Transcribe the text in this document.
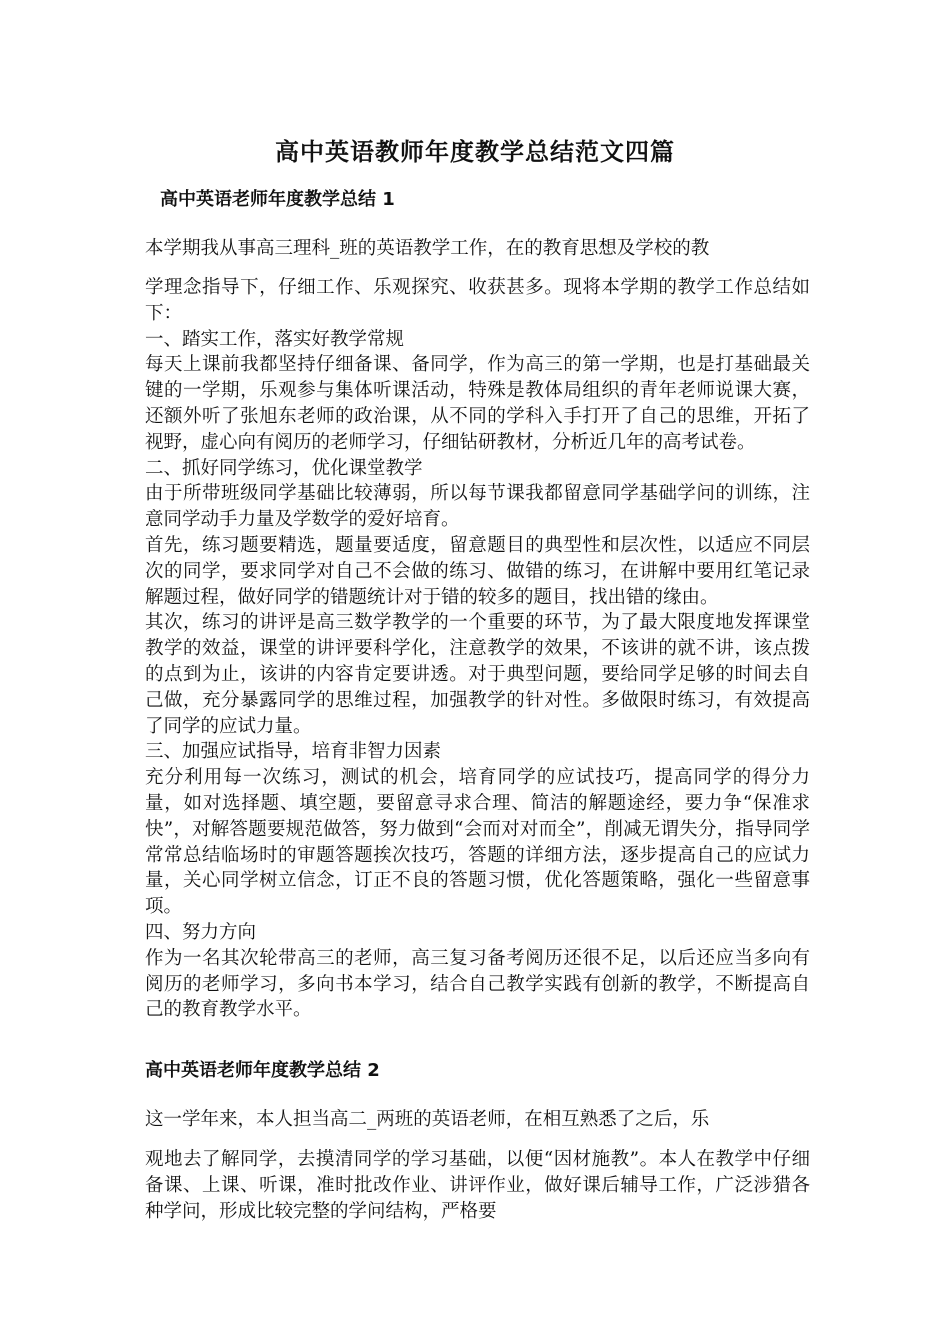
高中英语教师年度教学总结范文四篇
高中英语老师年度教学总结 1
本学期我从事高三理科_班的英语教学工作，在的教育思想及学校的教

学理念指导下，仔细工作、乐观探究、收获甚多。现将本学期的教学工作总结如下：

一、踏实工作，落实好教学常规

每天上课前我都坚持仔细备课、备同学，作为高三的第一学期，也是打基础最关键的一学期，乐观参与集体听课活动，特殊是教体局组织的青年老师说课大赛，还额外听了张旭东老师的政治课，从不同的学科入手打开了自己的思维，开拓了视野，虚心向有阅历的老师学习，仔细钻研教材，分析近几年的高考试卷。

二、抓好同学练习，优化课堂教学

由于所带班级同学基础比较薄弱，所以每节课我都留意同学基础学问的训练，注意同学动手力量及学数学的爱好培育。

首先，练习题要精选，题量要适度，留意题目的典型性和层次性，以适应不同层次的同学，要求同学对自己不会做的练习、做错的练习，在讲解中要用红笔记录解题过程，做好同学的错题统计对于错的较多的题目，找出错的缘由。

其次，练习的讲评是高三数学教学的一个重要的环节，为了最大限度地发挥课堂教学的效益，课堂的讲评要科学化，注意教学的效果，不该讲的就不讲，该点拨的点到为止，该讲的内容肯定要讲透。对于典型问题，要给同学足够的时间去自己做，充分暴露同学的思维过程，加强教学的针对性。多做限时练习，有效提高了同学的应试力量。

三、加强应试指导，培育非智力因素

充分利用每一次练习，测试的机会，培育同学的应试技巧，提高同学的得分力量，如对选择题、填空题，要留意寻求合理、简洁的解题途经，要力争“保准求快”，对解答题要规范做答，努力做到“会而对对而全”，削减无谓失分，指导同学常常总结临场时的审题答题挨次技巧，答题的详细方法，逐步提高自己的应试力量，关心同学树立信念，订正不良的答题习惯，优化答题策略，强化一些留意事项。

四、努力方向

作为一名其次轮带高三的老师，高三复习备考阅历还很不足，以后还应当多向有阅历的老师学习，多向书本学习，结合自己教学实践有创新的教学，不断提高自己的教育教学水平。

高中英语老师年度教学总结 2
这一学年来，本人担当高二_两班的英语老师，在相互熟悉了之后，乐

观地去了解同学，去摸清同学的学习基础，以便“因材施教”。本人在教学中仔细备课、上课、听课，准时批改作业、讲评作业，做好课后辅导工作，广泛涉猎各种学问，形成比较完整的学问结构，严格要
